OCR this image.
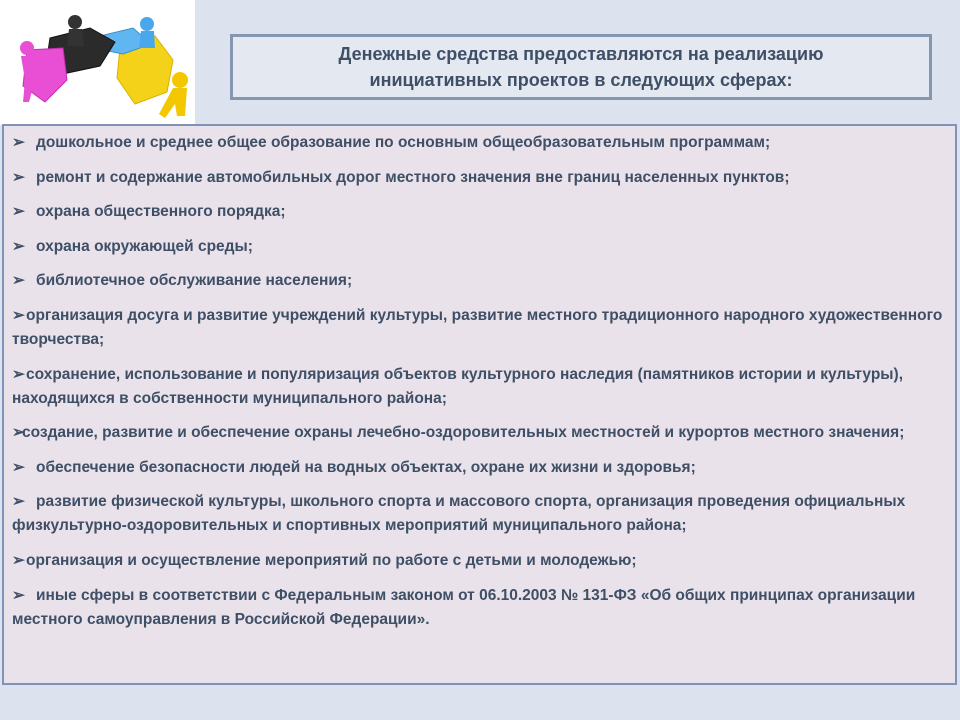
Денежные средства предоставляются на реализацию
инициативных проектов в следующих сферах:
➢ дошкольное и среднее общее образование по основным общеобразовательным программам;
➢ ремонт и содержание автомобильных дорог местного значения вне границ населенных пунктов;
➢ охрана общественного порядка;
➢ охрана окружающей среды;
➢ библиотечное обслуживание населения;
➢организация досуга и развитие учреждений культуры, развитие местного традиционного народного художественного творчества;
➢сохранение, использование и популяризация объектов культурного наследия (памятников истории и культуры), находящихся в собственности муниципального района;
➢создание, развитие и обеспечение охраны лечебно-оздоровительных местностей и курортов местного значения;
➢ обеспечение безопасности людей на водных объектах, охране их жизни и здоровья;
➢ развитие физической культуры, школьного спорта и массового спорта, организация проведения официальных физкультурно-оздоровительных и спортивных мероприятий муниципального района;
➢организация и осуществление мероприятий по работе с детьми и молодежью;
➢ иные сферы в соответствии с Федеральным законом от 06.10.2003 № 131-ФЗ «Об общих принципах организации местного самоуправления в Российской Федерации».
